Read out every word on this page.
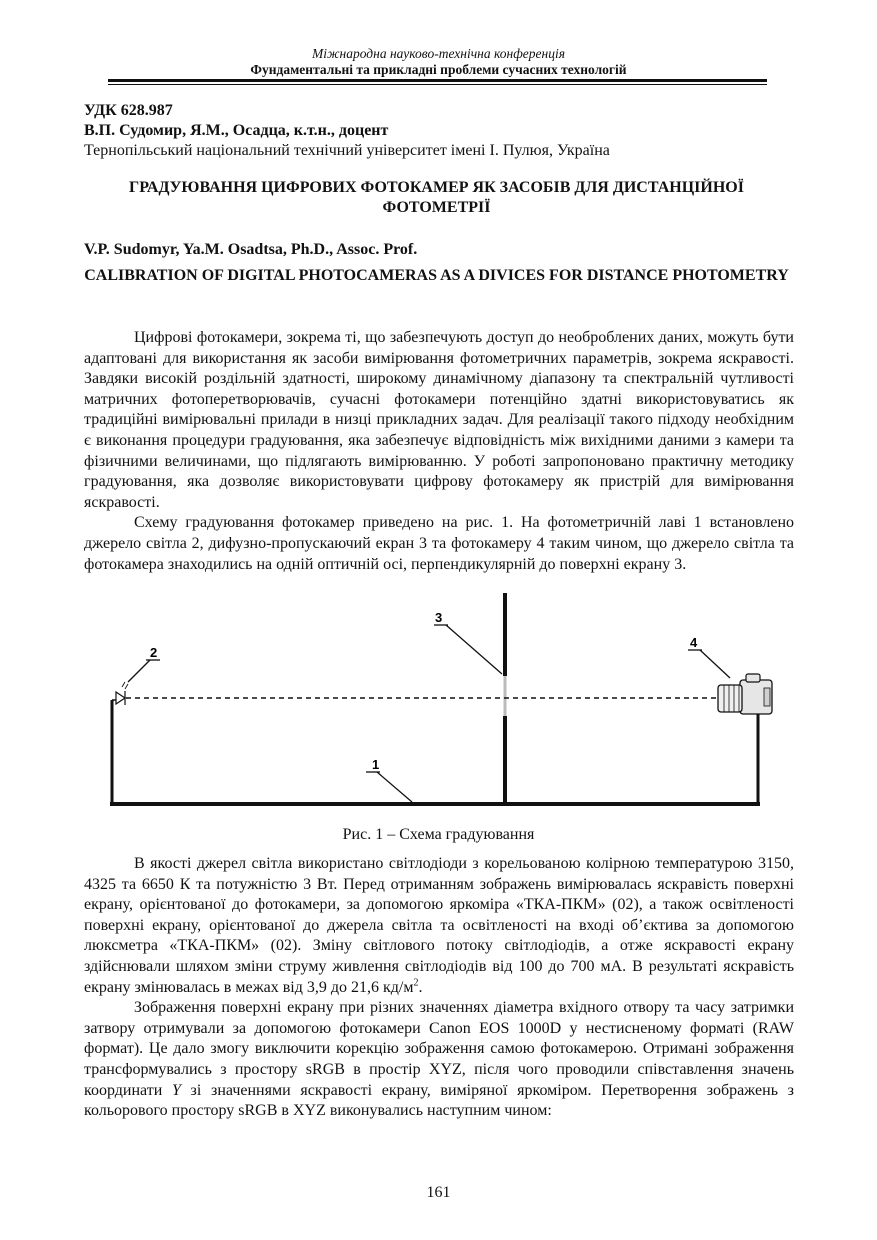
Міжнародна науково-технічна конференція
Фундаментальні та прикладні проблеми сучасних технологій
УДК 628.987
В.П. Судомир, Я.М., Осадца, к.т.н., доцент
Тернопільський національний технічний університет імені І. Пулюя, Україна
ГРАДУЮВАННЯ ЦИФРОВИХ ФОТОКАМЕР ЯК ЗАСОБІВ ДЛЯ ДИСТАНЦІЙНОЇ ФОТОМЕТРІЇ
V.P. Sudomyr, Ya.M. Osadtsa, Ph.D., Assoc. Prof.
CALIBRATION OF DIGITAL PHOTOCAMERAS AS A DIVICES FOR DISTANCE PHOTOMETRY

Цифрові фотокамери, зокрема ті, що забезпечують доступ до необроблених даних, можуть бути адаптовані для використання як засоби вимірювання фотометричних параметрів, зокрема яскравості. Завдяки високій роздільній здатності, широкому динамічному діапазону та спектральній чутливості матричних фотоперетворювачів, сучасні фотокамери потенційно здатні використовуватись як традиційні вимірювальні прилади в низці прикладних задач. Для реалізації такого підходу необхідним є виконання процедури градуювання, яка забезпечує відповідність між вихідними даними з камери та фізичними величинами, що підлягають вимірюванню. У роботі запропоновано практичну методику градуювання, яка дозволяє використовувати цифрову фотокамеру як пристрій для вимірювання яскравості.

Схему градуювання фотокамер приведено на рис. 1. На фотометричній лаві 1 встановлено джерело світла 2, дифузно-пропускаючий екран 3 та фотокамеру 4 таким чином, що джерело світла та фотокамера знаходились на одній оптичній осі, перпендикулярній до поверхні екрану 3.

1
2
3
4
Рис. 1 – Схема градуювання

В якості джерел світла використано світлодіоди з корельованою колірною температурою 3150, 4325 та 6650 К та потужністю 3 Вт. Перед отриманням зображень вимірювалась яскравість поверхні екрану, орієнтованої до фотокамери, за допомогою яркоміра «ТКА-ПКМ» (02), а також освітленості поверхні екрану, орієнтованої до джерела світла та освітленості на вході об’єктива за допомогою люксметра «ТКА-ПКМ» (02). Зміну світлового потоку світлодіодів, а отже яскравості екрану здійснювали шляхом зміни струму живлення світлодіодів від 100 до 700 мА. В результаті яскравість екрану змінювалась в межах від 3,9 до 21,6 $кд/м^2$.

Зображення поверхні екрану при різних значеннях діаметра вхідного отвору та часу затримки затвору отримували за допомогою фотокамери Canon EOS 1000D у нестисненому форматі (RAW формат). Це дало змогу виключити корекцію зображення самою фотокамерою. Отримані зображення трансформувались з простору sRGB в простір XYZ, після чого проводили співставлення значень координати Y зі значеннями яскравості екрану, виміряної яркоміром. Перетворення зображень з кольорового простору sRGB в XYZ виконувались наступним чином:

161
